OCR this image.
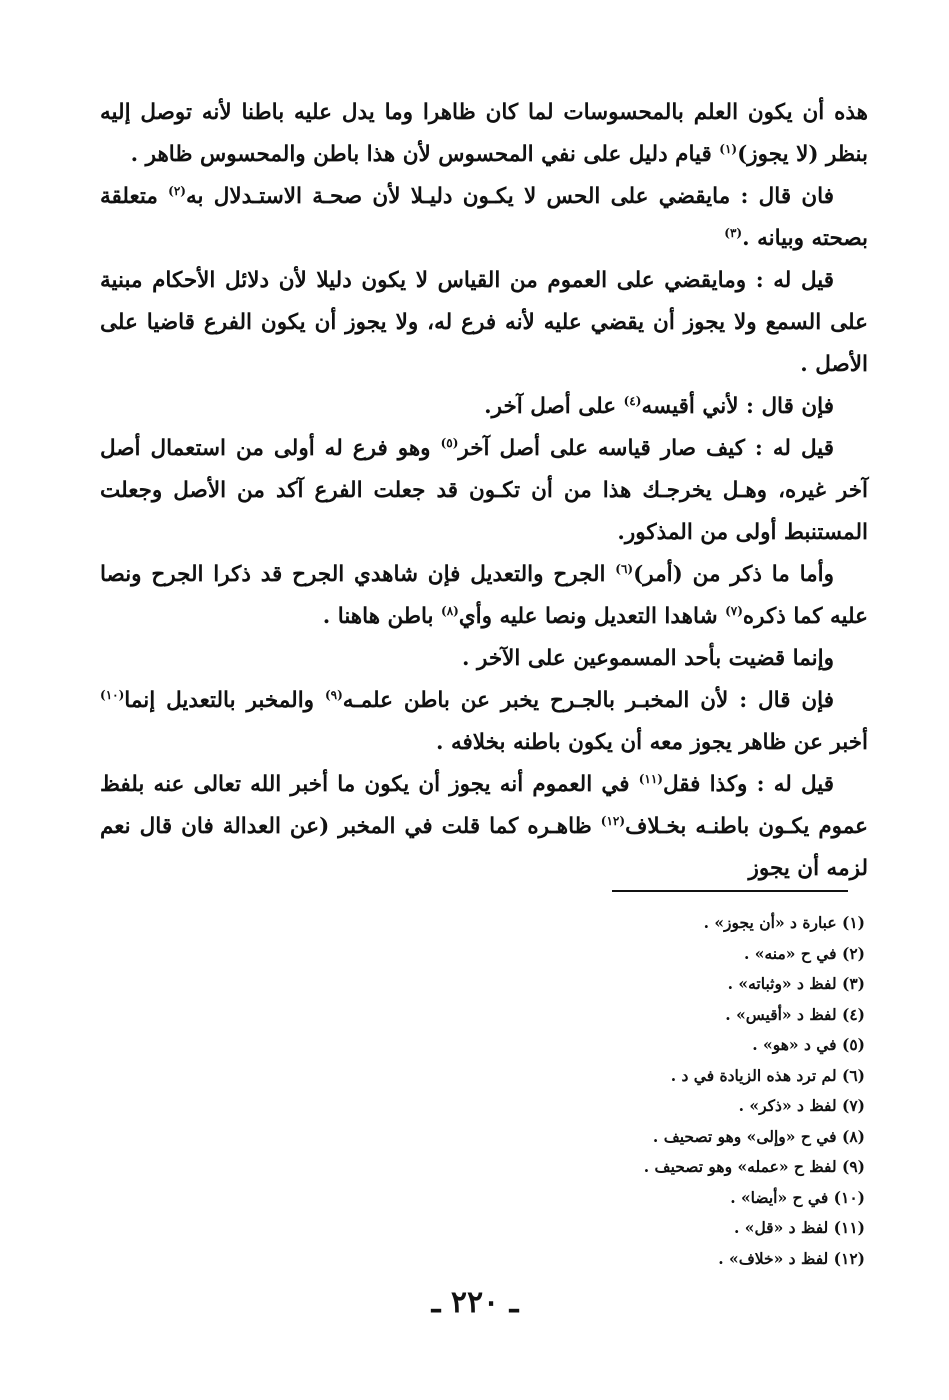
هذه أن يكون العلم بالمحسوسات لما كان ظاهرا وما يدل عليه باطنا لأنه توصل إليه بنظر (لا يجوز)$^{(١)}$ قيام دليل على نفي المحسوس لأن هذا باطن والمحسوس ظاهر .

فان قال : مايقضي على الحس لا يكـون دليـلا لأن صحـة الاستـدلال به$^{(٢)}$ متعلقة بصحته وبيانه .$^{(٣)}$

قيل له : ومايقضي على العموم من القياس لا يكون دليلا لأن دلائل الأحكام مبنية على السمع ولا يجوز أن يقضي عليه لأنه فرع له، ولا يجوز أن يكون الفرع قاضيا على الأصل .

فإن قال : لأني أقيسه$^{(٤)}$ على أصل آخر.

قيل له : كيف صار قياسه على أصل آخر$^{(٥)}$ وهو فرع له أولى من استعمال أصل آخر غيره، وهـل يخرجـك هذا من أن تكـون قد جعلت الفرع آكد من الأصل وجعلت المستنبط أولى من المذكور.

وأما ما ذكر من (أمر)$^{(٦)}$ الجرح والتعديل فإن شاهدي الجرح قد ذكرا الجرح ونصا عليه كما ذكره$^{(٧)}$ شاهدا التعديل ونصا عليه وأي$^{(٨)}$ باطن هاهنا .

وإنما قضيت بأحد المسموعين على الآخر .

فإن قال : لأن المخبـر بالجـرح يخبر عن باطن علمـه$^{(٩)}$ والمخبر بالتعديل إنما$^{(١٠)}$ أخبر عن ظاهر يجوز معه أن يكون باطنه بخلافه .

قيل له : وكذا فقل$^{(١١)}$ في العموم أنه يجوز أن يكون ما أخبر الله تعالى عنه بلفظ عموم يكـون باطنـه بخـلاف$^{(١٢)}$ ظاهـره كما قلت في المخبر (عن العدالة فان قال نعم لزمه أن يجوز

(١) عبارة د «أن يجوز» .
(٢) في ح «منه» .
(٣) لفظ د «وثباته» .
(٤) لفظ د «أقيس» .
(٥) في د «هو» .
(٦) لم ترد هذه الزيادة في د .
(٧) لفظ د «ذكر» .
(٨) في ح «وإلى» وهو تصحيف .
(٩) لفظ ح «عمله» وهو تصحيف .
(١٠) في ح «أيضا» .
(١١) لفظ د «قل» .
(١٢) لفظ د «خلاف» .
ـ ٢٢٠ ـ
